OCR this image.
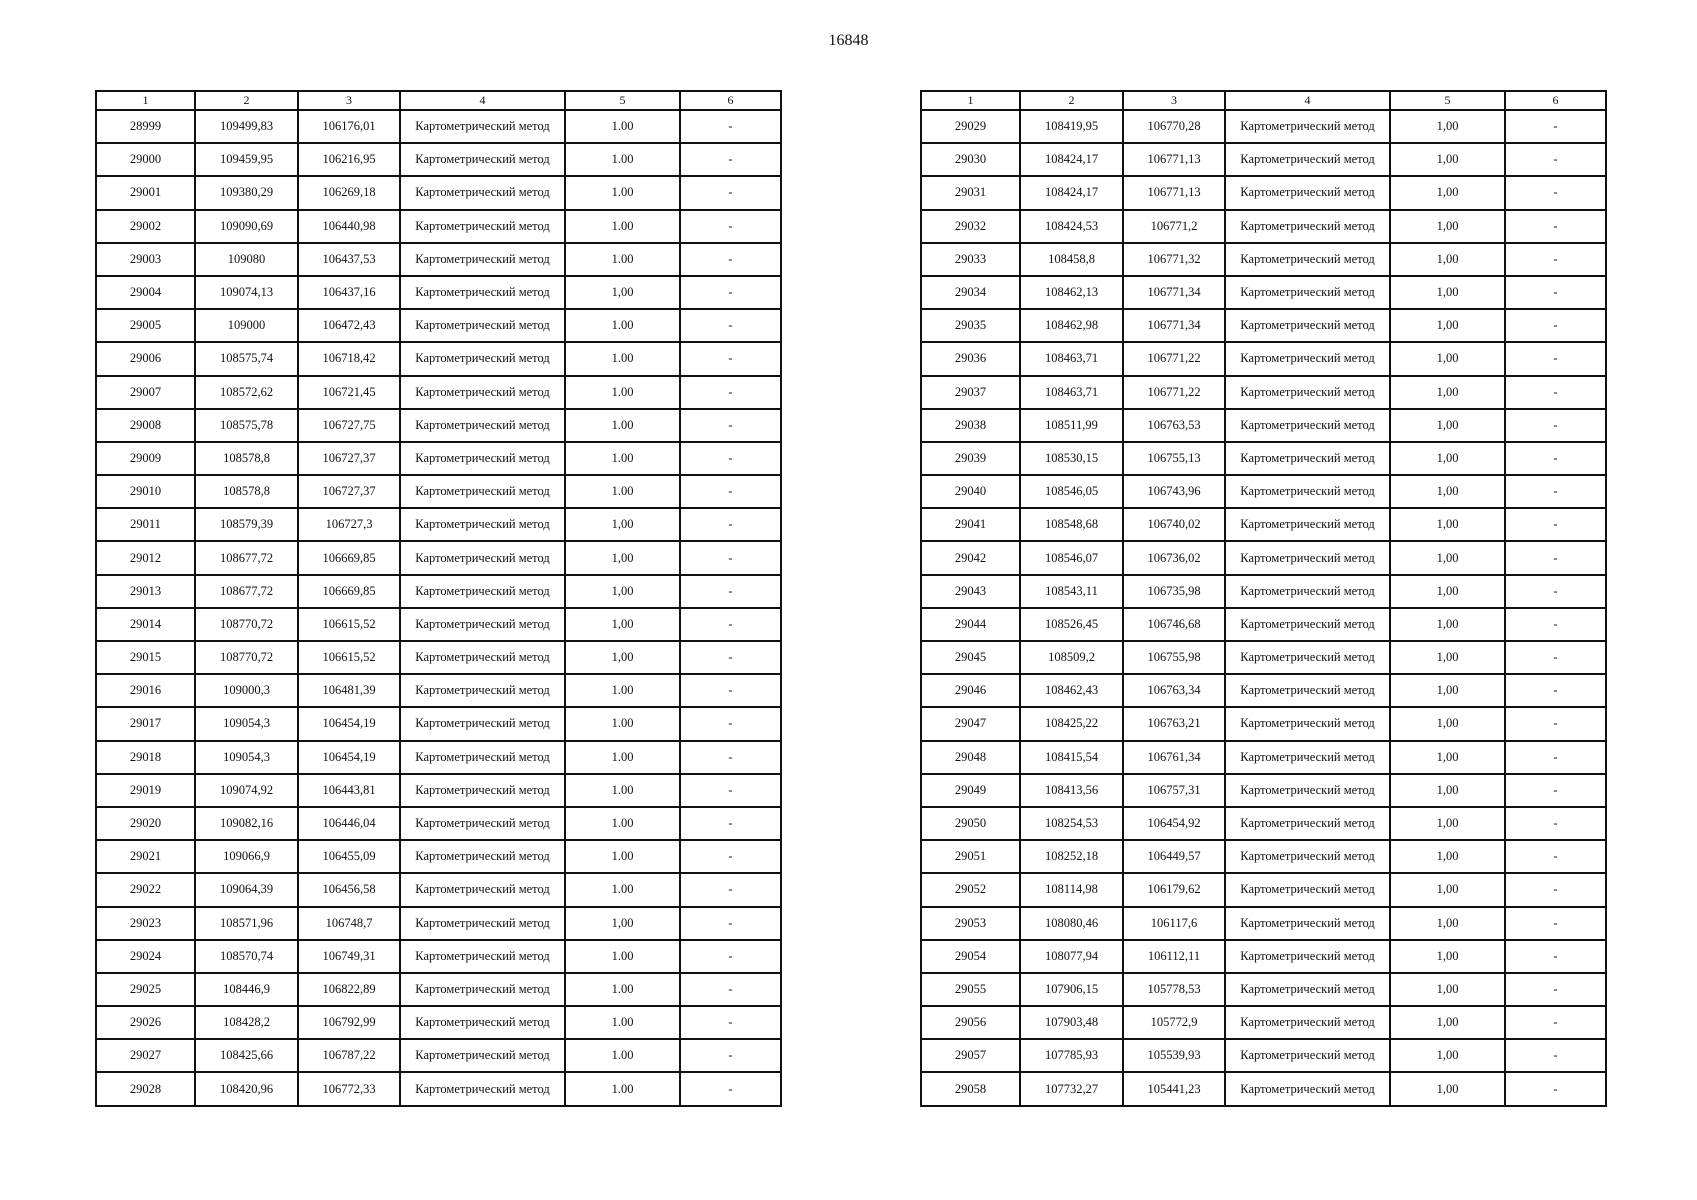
16848
1	2	3	4	5	6
28999	109499,83	106176,01	Картометрический метод	1.00	-
29000	109459,95	106216,95	Картометрический метод	1.00	-
29001	109380,29	106269,18	Картометрический метод	1.00	-
29002	109090,69	106440,98	Картометрический метод	1.00	-
29003	109080	106437,53	Картометрический метод	1.00	-
29004	109074,13	106437,16	Картометрический метод	1,00	-
29005	109000	106472,43	Картометрический метод	1.00	-
29006	108575,74	106718,42	Картометрический метод	1.00	-
29007	108572,62	106721,45	Картометрический метод	1.00	-
29008	108575,78	106727,75	Картометрический метод	1.00	-
29009	108578,8	106727,37	Картометрический метод	1.00	-
29010	108578,8	106727,37	Картометрический метод	1.00	-
29011	108579,39	106727,3	Картометрический метод	1,00	-
29012	108677,72	106669,85	Картометрический метод	1,00	-
29013	108677,72	106669,85	Картометрический метод	1,00	-
29014	108770,72	106615,52	Картометрический метод	1,00	-
29015	108770,72	106615,52	Картометрический метод	1,00	-
29016	109000,3	106481,39	Картометрический метод	1.00	-
29017	109054,3	106454,19	Картометрический метод	1.00	-
29018	109054,3	106454,19	Картометрический метод	1.00	-
29019	109074,92	106443,81	Картометрический метод	1.00	-
29020	109082,16	106446,04	Картометрический метод	1.00	-
29021	109066,9	106455,09	Картометрический метод	1.00	-
29022	109064,39	106456,58	Картометрический метод	1.00	-
29023	108571,96	106748,7	Картометрический метод	1,00	-
29024	108570,74	106749,31	Картометрический метод	1.00	-
29025	108446,9	106822,89	Картометрический метод	1.00	-
29026	108428,2	106792,99	Картометрический метод	1.00	-
29027	108425,66	106787,22	Картометрический метод	1.00	-
29028	108420,96	106772,33	Картометрический метод	1.00	-
1	2	3	4	5	6
29029	108419,95	106770,28	Картометрический метод	1,00	-
29030	108424,17	106771,13	Картометрический метод	1,00	-
29031	108424,17	106771,13	Картометрический метод	1,00	-
29032	108424,53	106771,2	Картометрический метод	1,00	-
29033	108458,8	106771,32	Картометрический метод	1,00	-
29034	108462,13	106771,34	Картометрический метод	1,00	-
29035	108462,98	106771,34	Картометрический метод	1,00	-
29036	108463,71	106771,22	Картометрический метод	1,00	-
29037	108463,71	106771,22	Картометрический метод	1,00	-
29038	108511,99	106763,53	Картометрический метод	1,00	-
29039	108530,15	106755,13	Картометрический метод	1,00	-
29040	108546,05	106743,96	Картометрический метод	1,00	-
29041	108548,68	106740,02	Картометрический метод	1,00	-
29042	108546,07	106736,02	Картометрический метод	1,00	-
29043	108543,11	106735,98	Картометрический метод	1,00	-
29044	108526,45	106746,68	Картометрический метод	1,00	-
29045	108509,2	106755,98	Картометрический метод	1,00	-
29046	108462,43	106763,34	Картометрический метод	1,00	-
29047	108425,22	106763,21	Картометрический метод	1,00	-
29048	108415,54	106761,34	Картометрический метод	1,00	-
29049	108413,56	106757,31	Картометрический метод	1,00	-
29050	108254,53	106454,92	Картометрический метод	1,00	-
29051	108252,18	106449,57	Картометрический метод	1,00	-
29052	108114,98	106179,62	Картометрический метод	1,00	-
29053	108080,46	106117,6	Картометрический метод	1,00	-
29054	108077,94	106112,11	Картометрический метод	1,00	-
29055	107906,15	105778,53	Картометрический метод	1,00	-
29056	107903,48	105772,9	Картометрический метод	1,00	-
29057	107785,93	105539,93	Картометрический метод	1,00	-
29058	107732,27	105441,23	Картометрический метод	1,00	-
